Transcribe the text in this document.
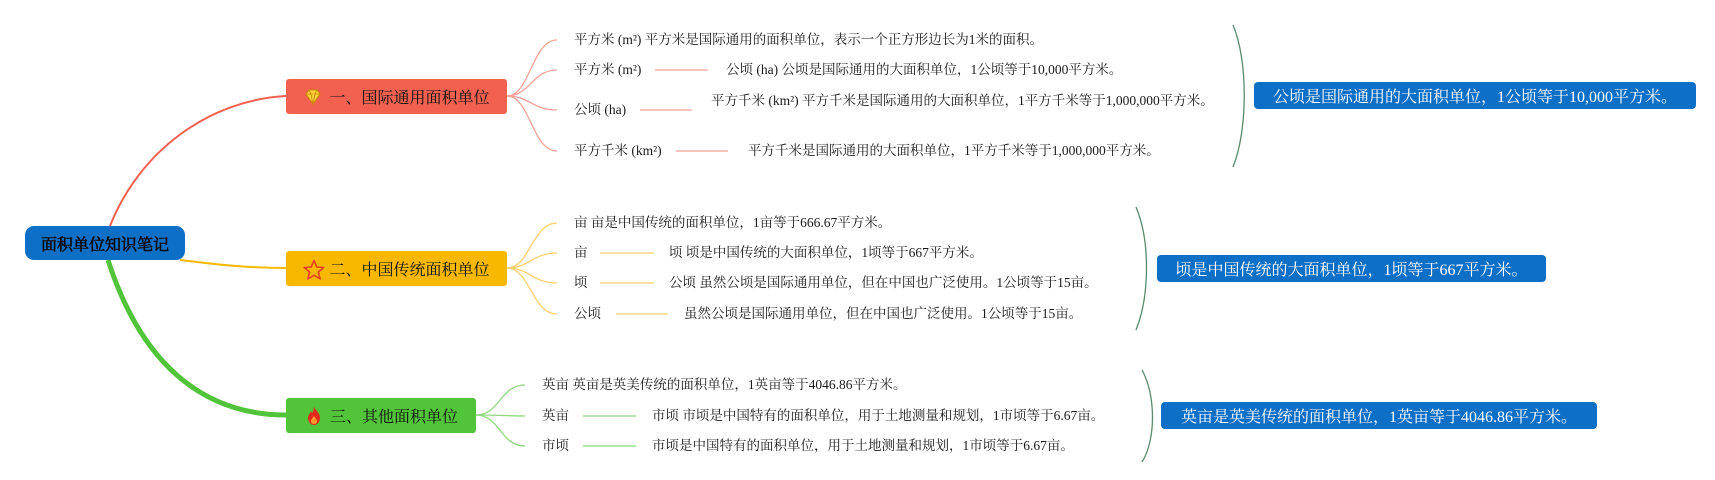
面积单位知识笔记
一、国际通用面积单位
二、中国传统面积单位
三、其他面积单位
平方米 (m²) 平方米是国际通用的面积单位，表示一个正方形边长为1米的面积。
平方米 (m²)	公顷 (ha) 公顷是国际通用的大面积单位，1公顷等于10,000平方米。
公顷 (ha)
平方千米 (km²) 平方千米是国际通用的大面积单位，1平方千米等于1,000,000平方米。
平方千米 (km²)	平方千米是国际通用的大面积单位，1平方千米等于1,000,000平方米。
亩 亩是中国传统的面积单位，1亩等于666.67平方米。
亩	顷 顷是中国传统的大面积单位，1顷等于667平方米。
顷	公顷 虽然公顷是国际通用单位，但在中国也广泛使用。1公顷等于15亩。
公顷	虽然公顷是国际通用单位，但在中国也广泛使用。1公顷等于15亩。
英亩 英亩是英美传统的面积单位，1英亩等于4046.86平方米。
英亩	市顷 市顷是中国特有的面积单位，用于土地测量和规划，1市顷等于6.67亩。
市顷	市顷是中国特有的面积单位，用于土地测量和规划，1市顷等于6.67亩。
公顷是国际通用的大面积单位，1公顷等于10,000平方米。
顷是中国传统的大面积单位，1顷等于667平方米。
英亩是英美传统的面积单位，1英亩等于4046.86平方米。
